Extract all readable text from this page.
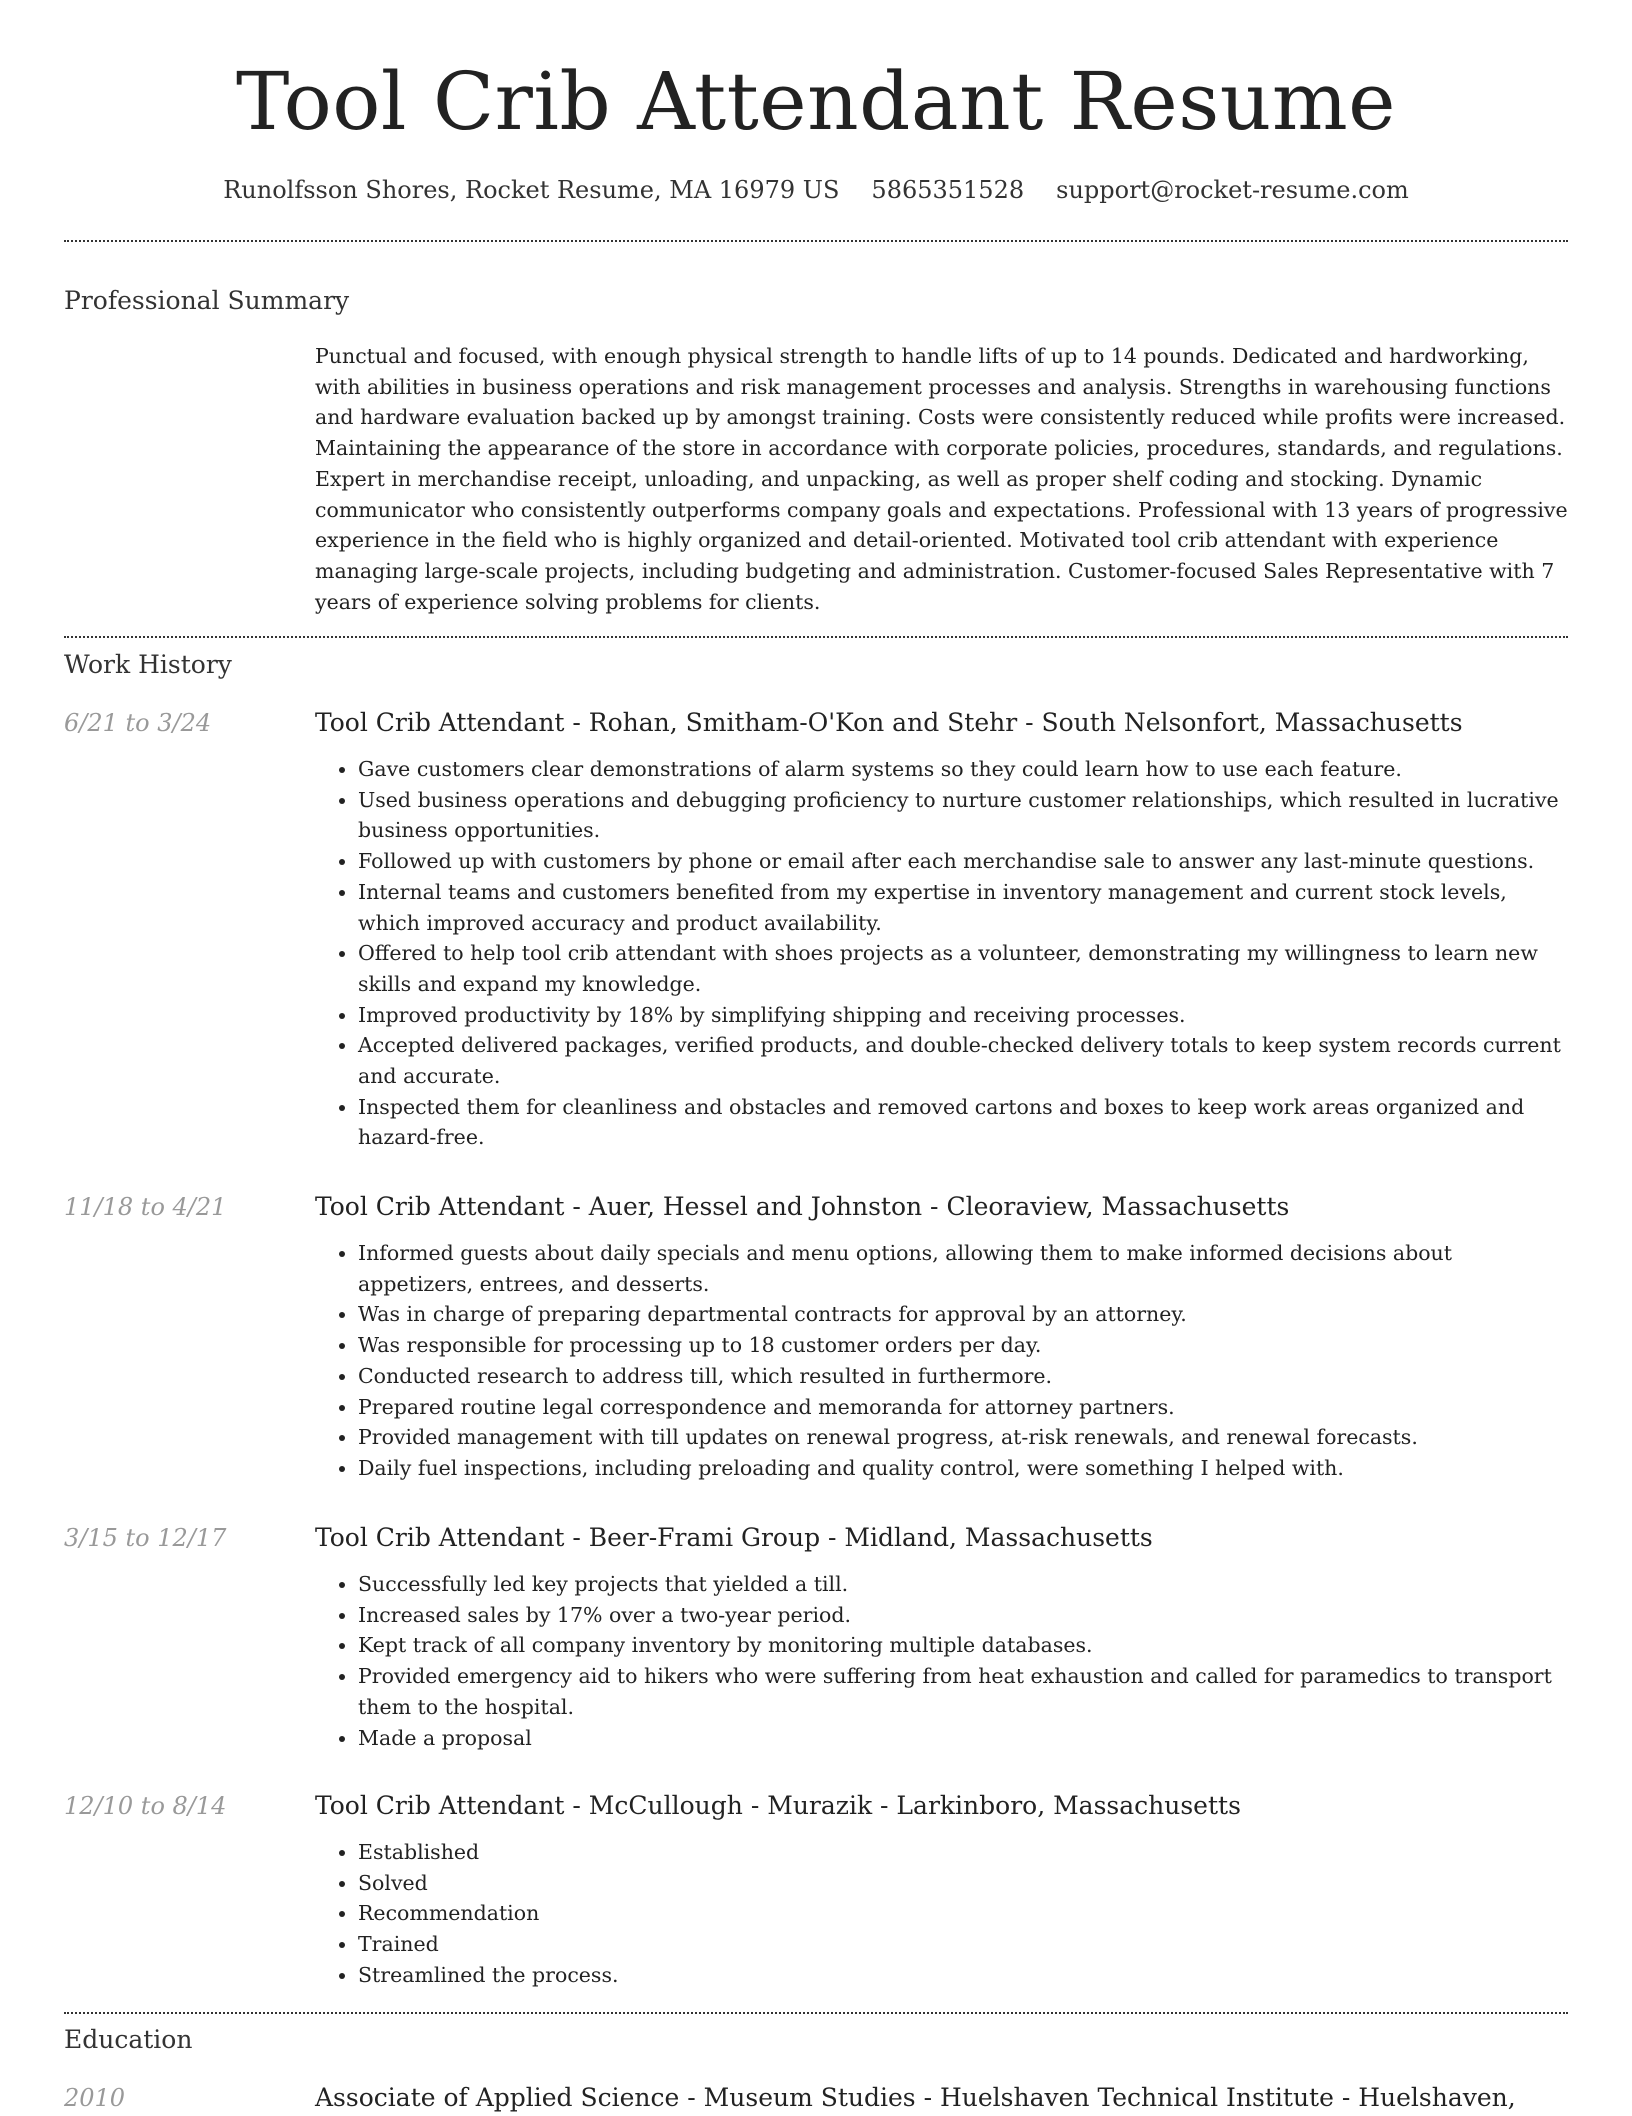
Tool Crib Attendant Resume
Runolfsson Shores, Rocket Resume, MA 16979 US 5865351528 support@rocket-resume.com
Professional Summary

Punctual and focused, with enough physical strength to handle lifts of up to 14 pounds. Dedicated and hardworking, with abilities in business operations and risk management processes and analysis. Strengths in warehousing functions and hardware evaluation backed up by amongst training. Costs were consistently reduced while profits were increased. Maintaining the appearance of the store in accordance with corporate policies, procedures, standards, and regulations. Expert in merchandise receipt, unloading, and unpacking, as well as proper shelf coding and stocking. Dynamic communicator who consistently outperforms company goals and expectations. Professional with 13 years of progressive experience in the field who is highly organized and detail-oriented. Motivated tool crib attendant with experience managing large-scale projects, including budgeting and administration. Customer-focused Sales Representative with 7 years of experience solving problems for clients.

Work History
6/21 to 3/24	Tool Crib Attendant - Rohan, Smitham-O'Kon and Stehr - South Nelsonfort, Massachusetts
• Gave customers clear demonstrations of alarm systems so they could learn how to use each feature.
• Used business operations and debugging proficiency to nurture customer relationships, which resulted in lucrative business opportunities.
• Followed up with customers by phone or email after each merchandise sale to answer any last-minute questions.
• Internal teams and customers benefited from my expertise in inventory management and current stock levels, which improved accuracy and product availability.
• Offered to help tool crib attendant with shoes projects as a volunteer, demonstrating my willingness to learn new skills and expand my knowledge.
• Improved productivity by 18% by simplifying shipping and receiving processes.
• Accepted delivered packages, verified products, and double-checked delivery totals to keep system records current and accurate.
• Inspected them for cleanliness and obstacles and removed cartons and boxes to keep work areas organized and hazard-free.
11/18 to 4/21	Tool Crib Attendant - Auer, Hessel and Johnston - Cleoraview, Massachusetts
• Informed guests about daily specials and menu options, allowing them to make informed decisions about appetizers, entrees, and desserts.
• Was in charge of preparing departmental contracts for approval by an attorney.
• Was responsible for processing up to 18 customer orders per day.
• Conducted research to address till, which resulted in furthermore.
• Prepared routine legal correspondence and memoranda for attorney partners.
• Provided management with till updates on renewal progress, at-risk renewals, and renewal forecasts.
• Daily fuel inspections, including preloading and quality control, were something I helped with.
3/15 to 12/17	Tool Crib Attendant - Beer-Frami Group - Midland, Massachusetts
• Successfully led key projects that yielded a till.
• Increased sales by 17% over a two-year period.
• Kept track of all company inventory by monitoring multiple databases.
• Provided emergency aid to hikers who were suffering from heat exhaustion and called for paramedics to transport them to the hospital.
• Made a proposal
12/10 to 8/14	Tool Crib Attendant - McCullough - Murazik - Larkinboro, Massachusetts
• Established
• Solved
• Recommendation
• Trained
• Streamlined the process.
Education
2010	Associate of Applied Science - Museum Studies - Huelshaven Technical Institute - Huelshaven,
